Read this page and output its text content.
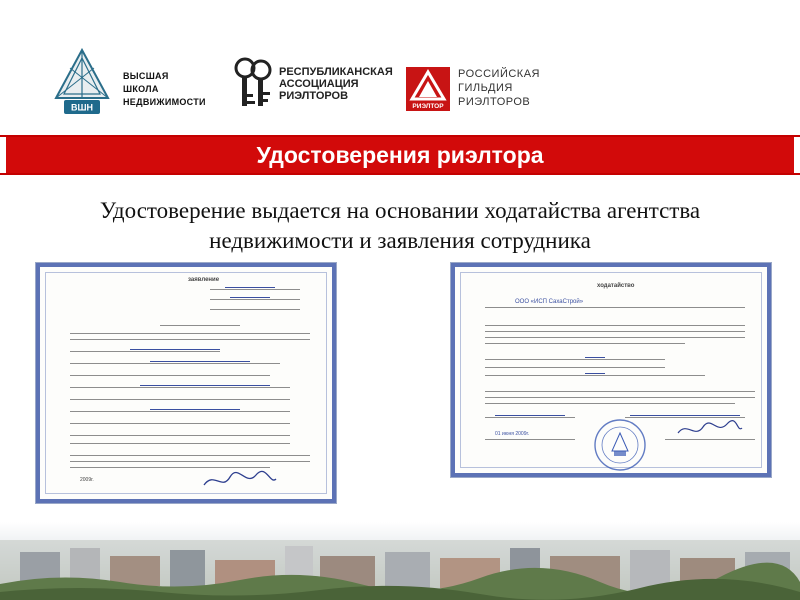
ВШН
ВЫСШАЯ
ШКОЛА
НЕДВИЖИМОСТИ
РЕСПУБЛИКАНСКАЯ
АССОЦИАЦИЯ
РИЭЛТОРОВ
РИЭЛТОР
РОССИЙСКАЯ
ГИЛЬДИЯ
РИЭЛТОРОВ
Удостоверения риэлтора
Удостоверение выдается на основании ходатайства агентства
недвижимости и заявления сотрудника
заявление
2009г.
ходатайство
ООО «ИСП СахаСтрой»
01 июня 2009г.
